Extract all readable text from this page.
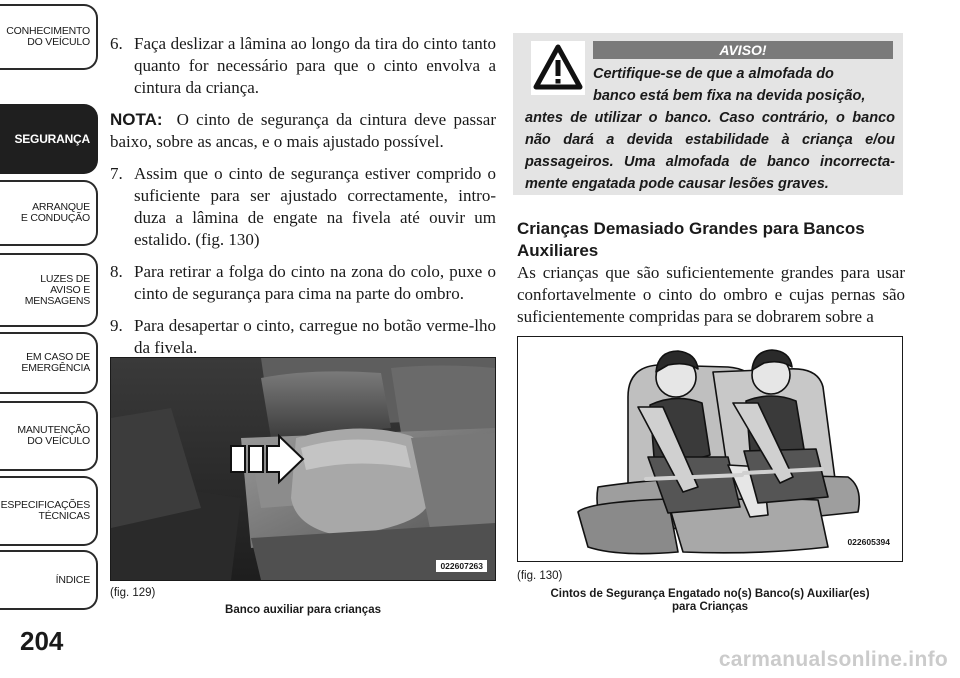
CONHECIMENTO
DO VEÍCULO
SEGURANÇA
ARRANQUE
E CONDUÇÃO
LUZES DE
AVISO E
MENSAGENS
EM CASO DE
EMERGÊNCIA
MANUTENÇÃO
DO VEÍCULO
ESPECIFICAÇÕES
TÉCNICAS
ÍNDICE
204
6. Faça deslizar a lâmina ao longo da tira do cinto tanto quanto for necessário para que o cinto envolva a cintura da criança.
NOTA: O cinto de segurança da cintura deve passar baixo, sobre as ancas, e o mais ajustado possível.
7. Assim que o cinto de segurança estiver comprido o suficiente para ser ajustado correctamente, intro-duza a lâmina de engate na fivela até ouvir um estalido. (fig. 130)
8. Para retirar a folga do cinto na zona do colo, puxe o cinto de segurança para cima na parte do ombro.
9. Para desapertar o cinto, carregue no botão verme-lho da fivela.
AVISO!
Certifique-se de que a almofada do
banco está bem fixa na devida posição,
antes de utilizar o banco. Caso contrário, o banco não dará a devida estabilidade à criança e/ou passageiros. Uma almofada de banco incorrecta-mente engatada pode causar lesões graves.
Crianças Demasiado Grandes para Bancos Auxiliares
As crianças que são suficientemente grandes para usar confortavelmente o cinto do ombro e cujas pernas são suficientemente compridas para se dobrarem sobre a
022607263
(fig. 129)
Banco auxiliar para crianças
022605394
(fig. 130)
Cintos de Segurança Engatado no(s) Banco(s) Auxiliar(es)
para Crianças
carmanualsonline.info
